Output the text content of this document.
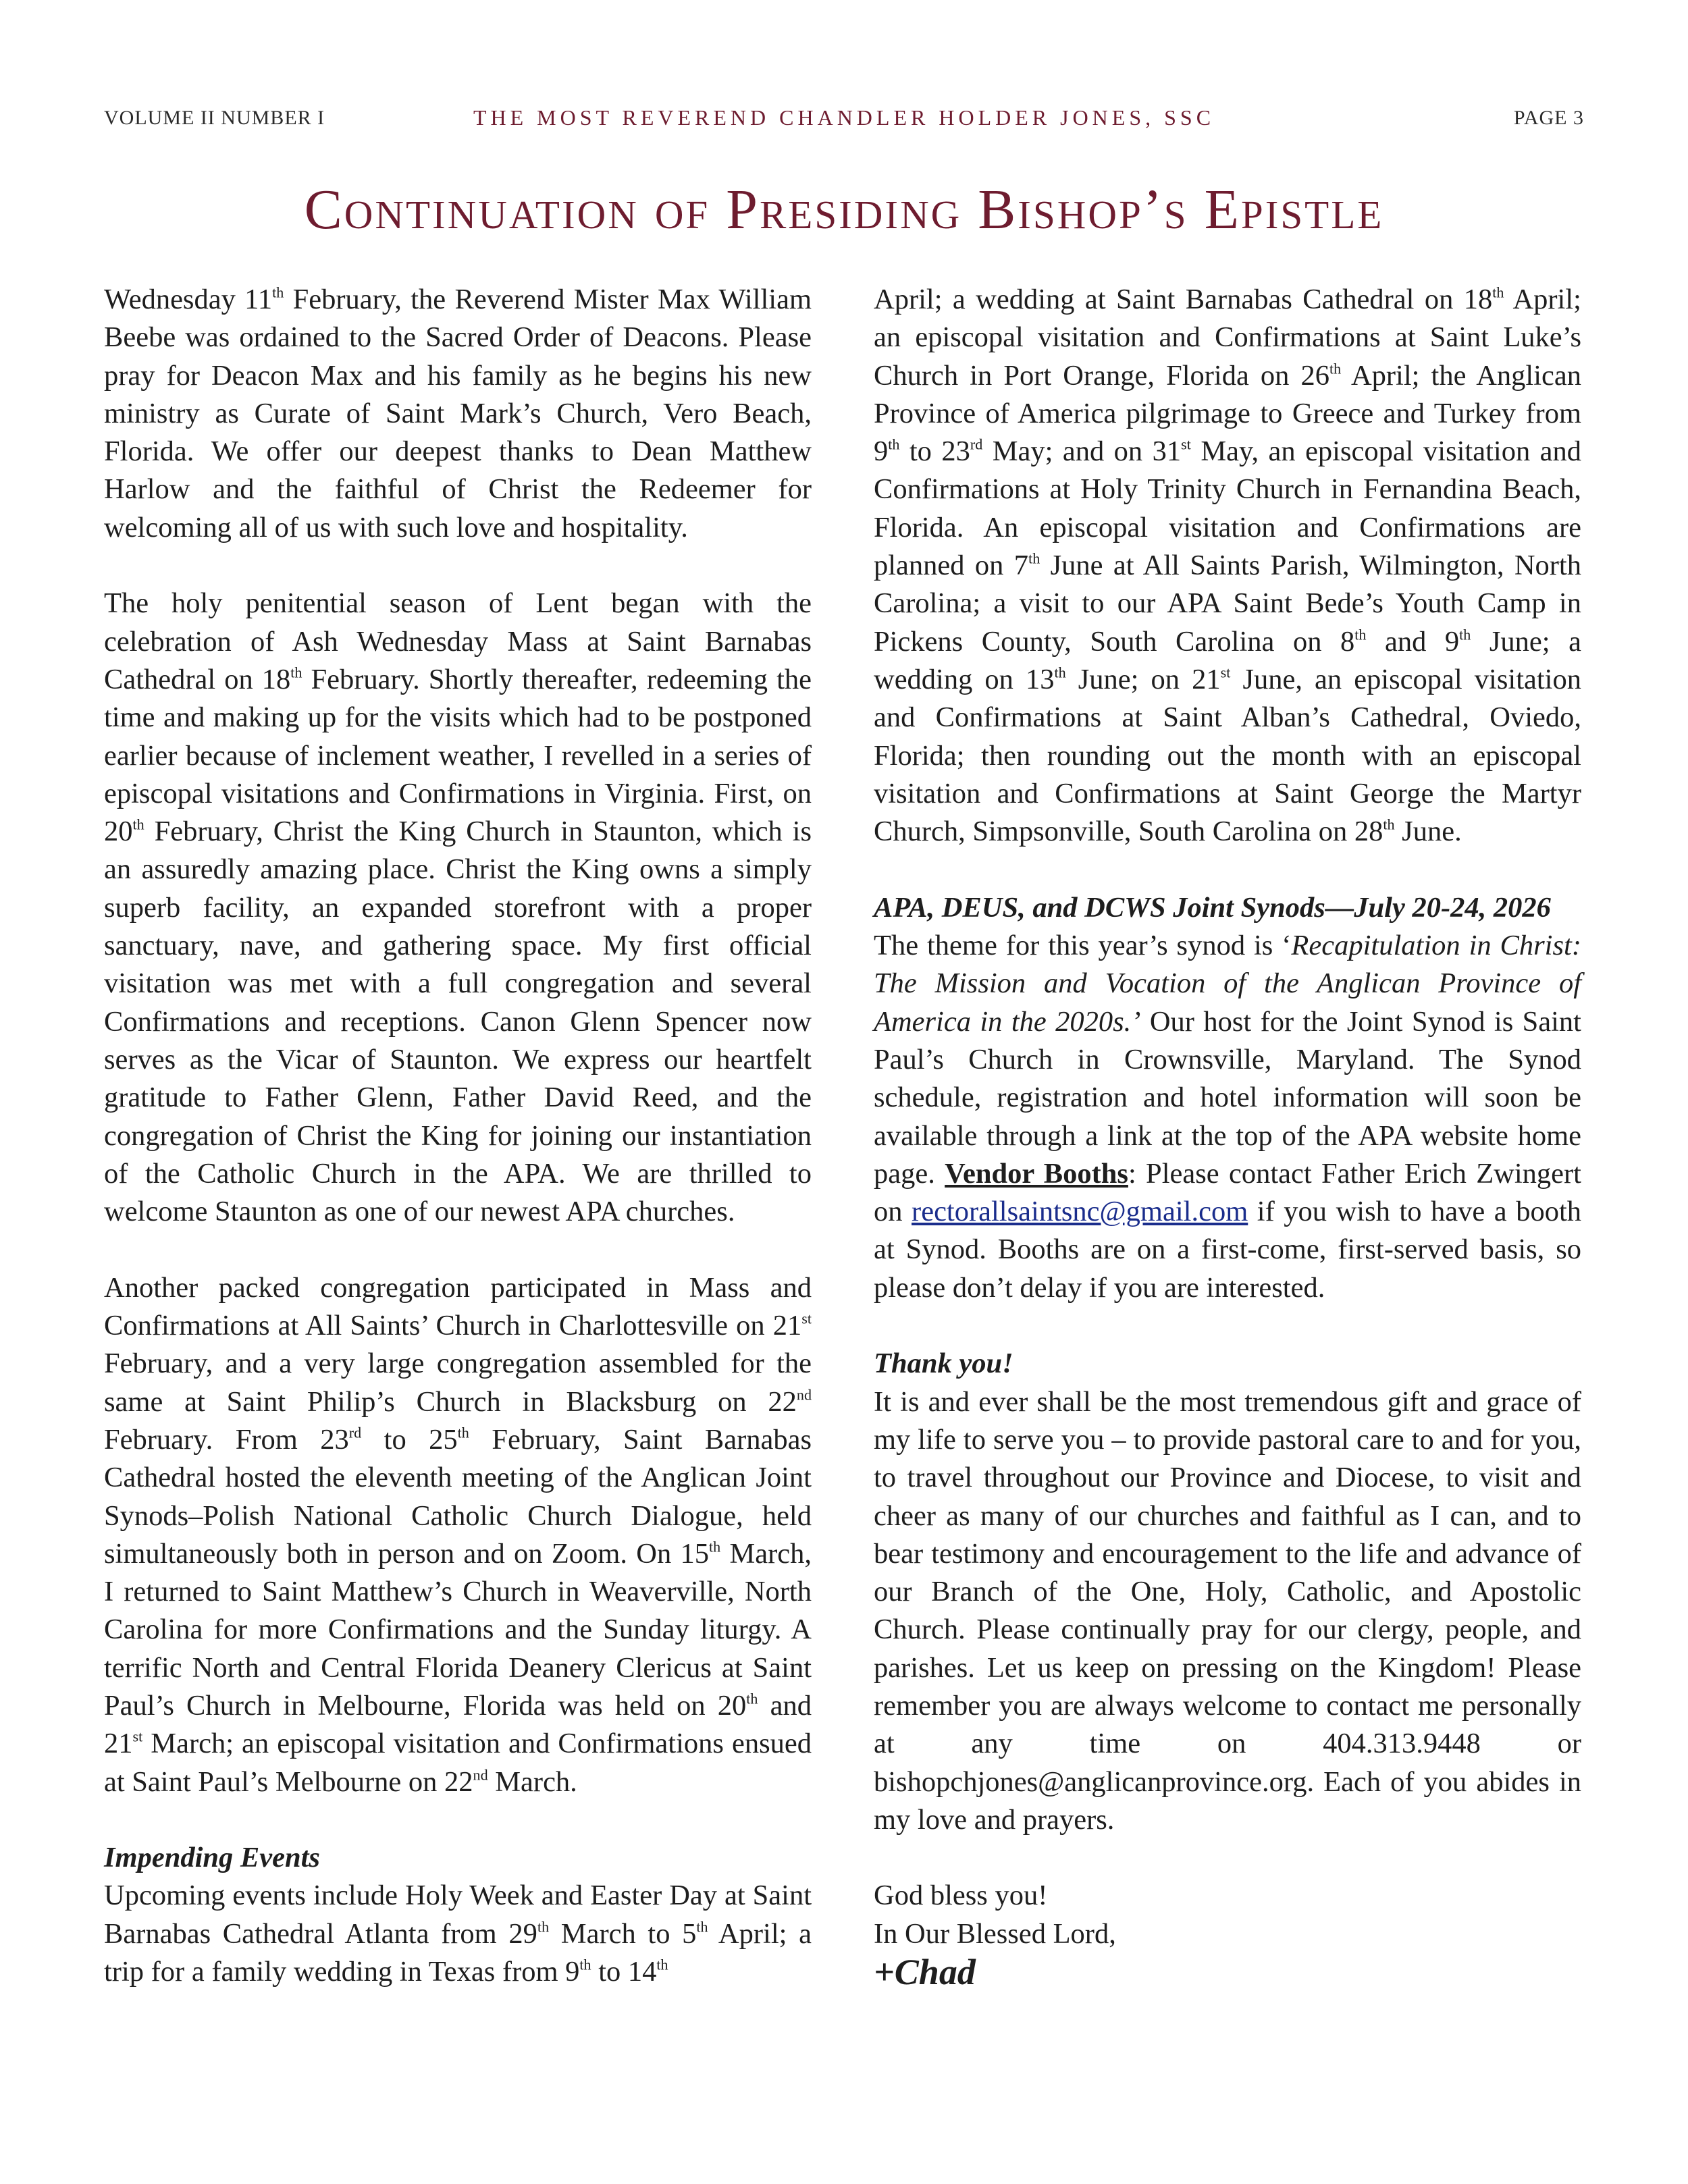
VOLUME II NUMBER I	THE MOST REVEREND CHANDLER HOLDER JONES, SSC	PAGE 3
Continuation of Presiding Bishop’s Epistle

Wednesday 11th February, the Reverend Mister Max William Beebe was ordained to the Sacred Order of Deacons. Please pray for Deacon Max and his family as he begins his new ministry as Curate of Saint Mark’s Church, Vero Beach, Florida. We offer our deepest thanks to Dean Matthew Harlow and the faithful of Christ the Redeemer for welcoming all of us with such love and hospitality.

The holy penitential season of Lent began with the celebration of Ash Wednesday Mass at Saint Barnabas Cathedral on 18th February. Shortly thereafter, redeeming the time and making up for the visits which had to be postponed earlier because of inclement weather, I revelled in a series of episcopal visitations and Confirmations in Virginia. First, on 20th February, Christ the King Church in Staunton, which is an assuredly amazing place. Christ the King owns a simply superb facility, an expanded storefront with a proper sanctuary, nave, and gathering space. My first official visitation was met with a full congregation and several Confirmations and receptions. Canon Glenn Spencer now serves as the Vicar of Staunton. We express our heartfelt gratitude to Father Glenn, Father David Reed, and the congregation of Christ the King for joining our instantiation of the Catholic Church in the APA. We are thrilled to welcome Staunton as one of our newest APA churches.

Another packed congregation participated in Mass and Confirmations at All Saints’ Church in Charlottesville on 21st February, and a very large congregation assembled for the same at Saint Philip’s Church in Blacksburg on 22nd February. From 23rd to 25th February, Saint Barnabas Cathedral hosted the eleventh meeting of the Anglican Joint Synods–Polish National Catholic Church Dialogue, held simultaneously both in person and on Zoom. On 15th March, I returned to Saint Matthew’s Church in Weaverville, North Carolina for more Confirmations and the Sunday liturgy. A terrific North and Central Florida Deanery Clericus at Saint Paul’s Church in Melbourne, Florida was held on 20th and 21st March; an episcopal visitation and Confirmations ensued at Saint Paul’s Melbourne on 22nd March.

Impending Events

Upcoming events include Holy Week and Easter Day at Saint Barnabas Cathedral Atlanta from 29th March to 5th April; a trip for a family wedding in Texas from 9th to 14th

April; a wedding at Saint Barnabas Cathedral on 18th April; an episcopal visitation and Confirmations at Saint Luke’s Church in Port Orange, Florida on 26th April; the Anglican Province of America pilgrimage to Greece and Turkey from 9th to 23rd May; and on 31st May, an episcopal visitation and Confirmations at Holy Trinity Church in Fernandina Beach, Florida. An episcopal visitation and Confirmations are planned on 7th June at All Saints Parish, Wilmington, North Carolina; a visit to our APA Saint Bede’s Youth Camp in Pickens County, South Carolina on 8th and 9th June; a wedding on 13th June; on 21st June, an episcopal visitation and Confirmations at Saint Alban’s Cathedral, Oviedo, Florida; then rounding out the month with an episcopal visitation and Confirmations at Saint George the Martyr Church, Simpsonville, South Carolina on 28th June.

APA, DEUS, and DCWS Joint Synods—July 20-24, 2026

The theme for this year’s synod is ‘Recapitulation in Christ: The Mission and Vocation of the Anglican Province of America in the 2020s.’ Our host for the Joint Synod is Saint Paul’s Church in Crownsville, Maryland. The Synod schedule, registration and hotel information will soon be available through a link at the top of the APA website home page. Vendor Booths: Please contact Father Erich Zwingert on rectorallsaintsnc@gmail.com if you wish to have a booth at Synod. Booths are on a first-come, first-served basis, so please don’t delay if you are interested.

Thank you!

It is and ever shall be the most tremendous gift and grace of my life to serve you – to provide pastoral care to and for you, to travel throughout our Province and Diocese, to visit and cheer as many of our churches and faithful as I can, and to bear testimony and encouragement to the life and advance of our Branch of the One, Holy, Catholic, and Apostolic Church. Please continually pray for our clergy, people, and parishes. Let us keep on pressing on the Kingdom! Please remember you are always welcome to contact me personally at any time on 404.313.9448 or bishopchjones@anglicanprovince.org. Each of you abides in my love and prayers.

God bless you!

In Our Blessed Lord,

+Chad
